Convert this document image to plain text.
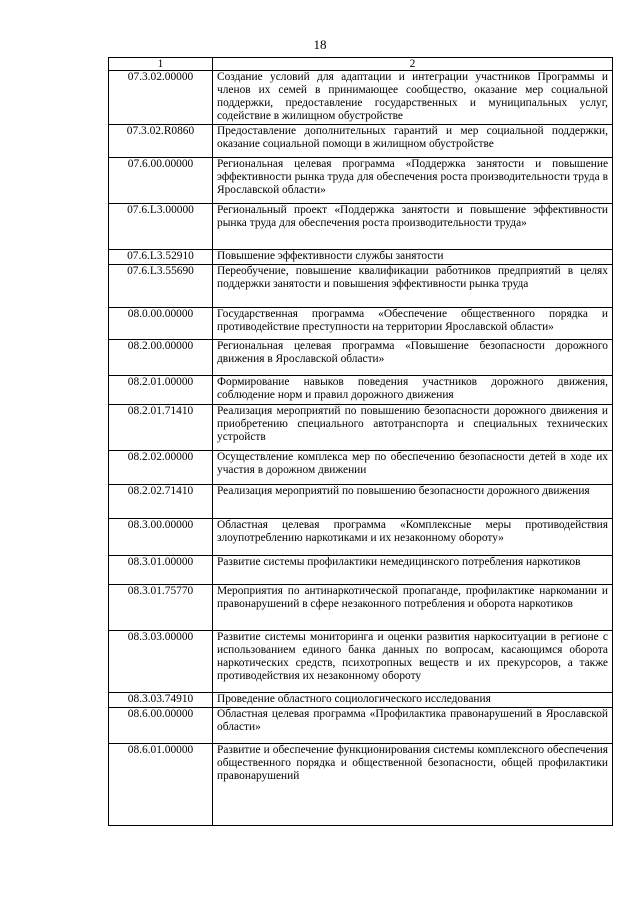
18
1	2
07.3.02.00000	Создание условий для адаптации и интеграции участников Программы и членов их семей в принимающее сообщество, оказание мер социальной поддержки, предоставление государственных и муниципальных услуг, содействие в жилищном обустройстве
07.3.02.R0860	Предоставление дополнительных гарантий и мер социальной поддержки, оказание социальной помощи в жилищном обустройстве
07.6.00.00000	Региональная целевая программа «Поддержка занятости и повышение эффективности рынка труда для обеспечения роста производительности труда в Ярославской области»
07.6.L3.00000	Региональный проект «Поддержка занятости и повышение эффективности рынка труда для обеспечения роста производительности труда»
07.6.L3.52910	Повышение эффективности службы занятости
07.6.L3.55690	Переобучение, повышение квалификации работников предприятий в целях поддержки занятости и повышения эффективности рынка труда
08.0.00.00000	Государственная программа «Обеспечение общественного порядка и противодействие преступности на территории Ярославской области»
08.2.00.00000	Региональная целевая программа «Повышение безопасности дорожного движения в Ярославской области»
08.2.01.00000	Формирование навыков поведения участников дорожного движения, соблюдение норм и правил дорожного движения
08.2.01.71410	Реализация мероприятий по повышению безопасности дорожного движения и приобретению специального автотранспорта и специальных технических устройств
08.2.02.00000	Осуществление комплекса мер по обеспечению безопасности детей в ходе их участия в дорожном движении
08.2.02.71410	Реализация мероприятий по повышению безопасности дорожного движения
08.3.00.00000	Областная целевая программа «Комплексные меры противодействия злоупотреблению наркотиками и их незаконному обороту»
08.3.01.00000	Развитие системы профилактики немедицинского потребления наркотиков
08.3.01.75770	Мероприятия по антинаркотической пропаганде, профилактике наркомании и правонарушений в сфере незаконного потребления и оборота наркотиков
08.3.03.00000	Развитие системы мониторинга и оценки развития наркоситуации в регионе с использованием единого банка данных по вопросам, касающимся оборота наркотических средств, психотропных веществ и их прекурсоров, а также противодействия их незаконному обороту
08.3.03.74910	Проведение областного социологического исследования
08.6.00.00000	Областная целевая программа «Профилактика правонарушений в Ярославской области»
08.6.01.00000	Развитие и обеспечение функционирования системы комплексного обеспечения общественного порядка и общественной безопасности, общей профилактики правонарушений
